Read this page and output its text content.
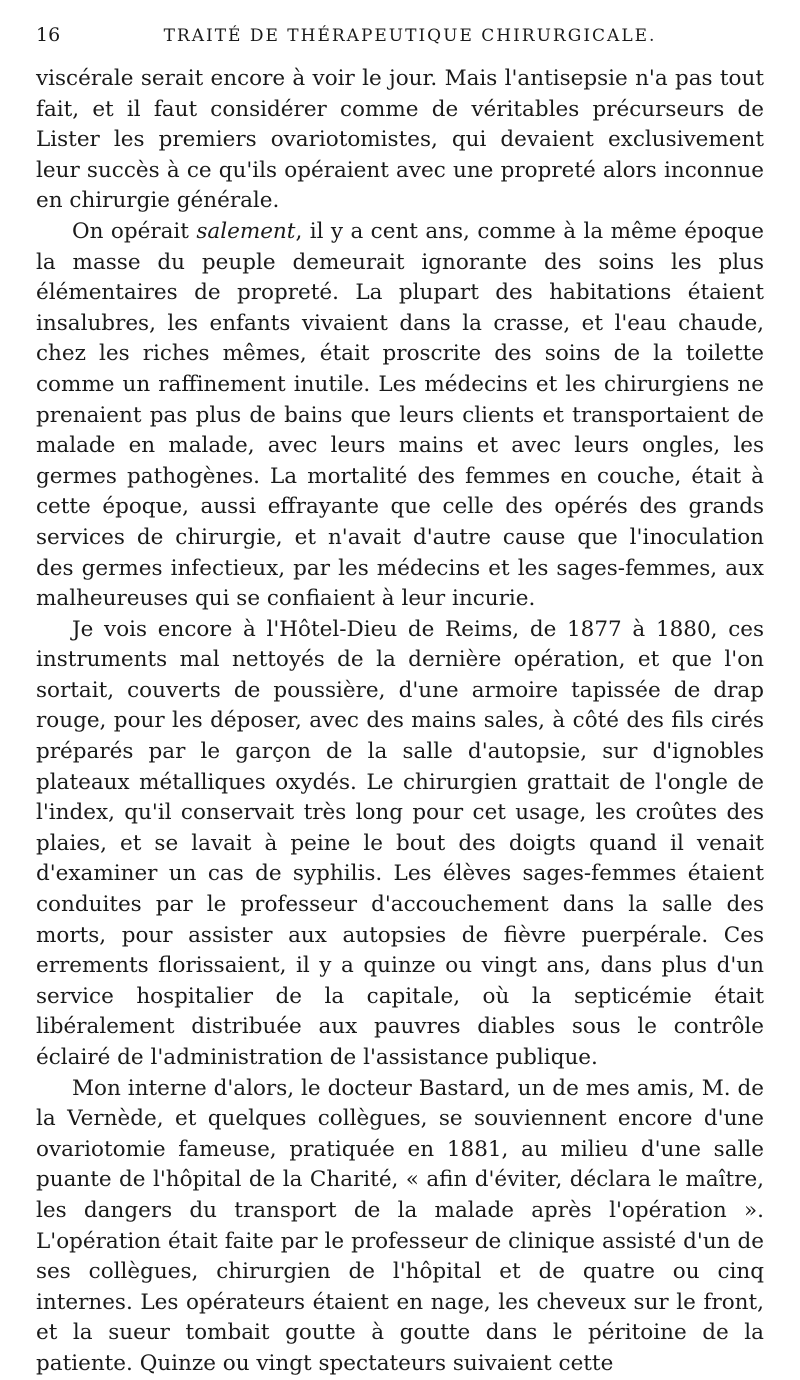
16	TRAITÉ DE THÉRAPEUTIQUE CHIRURGICALE.

viscérale serait encore à voir le jour. Mais l'antisepsie n'a pas tout fait, et il faut considérer comme de véritables précurseurs de Lister les premiers ovariotomistes, qui devaient exclusivement leur succès à ce qu'ils opéraient avec une propreté alors inconnue en chirurgie générale.

On opérait salement, il y a cent ans, comme à la même époque la masse du peuple demeurait ignorante des soins les plus élémentaires de propreté. La plupart des habitations étaient insalubres, les enfants vivaient dans la crasse, et l'eau chaude, chez les riches mêmes, était proscrite des soins de la toilette comme un raffinement inutile. Les médecins et les chirurgiens ne prenaient pas plus de bains que leurs clients et transportaient de malade en malade, avec leurs mains et avec leurs ongles, les germes pathogènes. La mortalité des femmes en couche, était à cette époque, aussi effrayante que celle des opérés des grands services de chirurgie, et n'avait d'autre cause que l'inoculation des germes infectieux, par les médecins et les sages-femmes, aux malheureuses qui se confiaient à leur incurie.

Je vois encore à l'Hôtel-Dieu de Reims, de 1877 à 1880, ces instruments mal nettoyés de la dernière opération, et que l'on sortait, couverts de poussière, d'une armoire tapissée de drap rouge, pour les déposer, avec des mains sales, à côté des fils cirés préparés par le garçon de la salle d'autopsie, sur d'ignobles plateaux métalliques oxydés. Le chirurgien grattait de l'ongle de l'index, qu'il conservait très long pour cet usage, les croûtes des plaies, et se lavait à peine le bout des doigts quand il venait d'examiner un cas de syphilis. Les élèves sages-femmes étaient conduites par le professeur d'accouchement dans la salle des morts, pour assister aux autopsies de fièvre puerpérale. Ces errements florissaient, il y a quinze ou vingt ans, dans plus d'un service hospitalier de la capitale, où la septicémie était libéralement distribuée aux pauvres diables sous le contrôle éclairé de l'administration de l'assistance publique.

Mon interne d'alors, le docteur Bastard, un de mes amis, M. de la Vernède, et quelques collègues, se souviennent encore d'une ovariotomie fameuse, pratiquée en 1881, au milieu d'une salle puante de l'hôpital de la Charité, « afin d'éviter, déclara le maître, les dangers du transport de la malade après l'opération ». L'opération était faite par le professeur de clinique assisté d'un de ses collègues, chirurgien de l'hôpital et de quatre ou cinq internes. Les opérateurs étaient en nage, les cheveux sur le front, et la sueur tombait goutte à goutte dans le péritoine de la patiente. Quinze ou vingt spectateurs suivaient cette
